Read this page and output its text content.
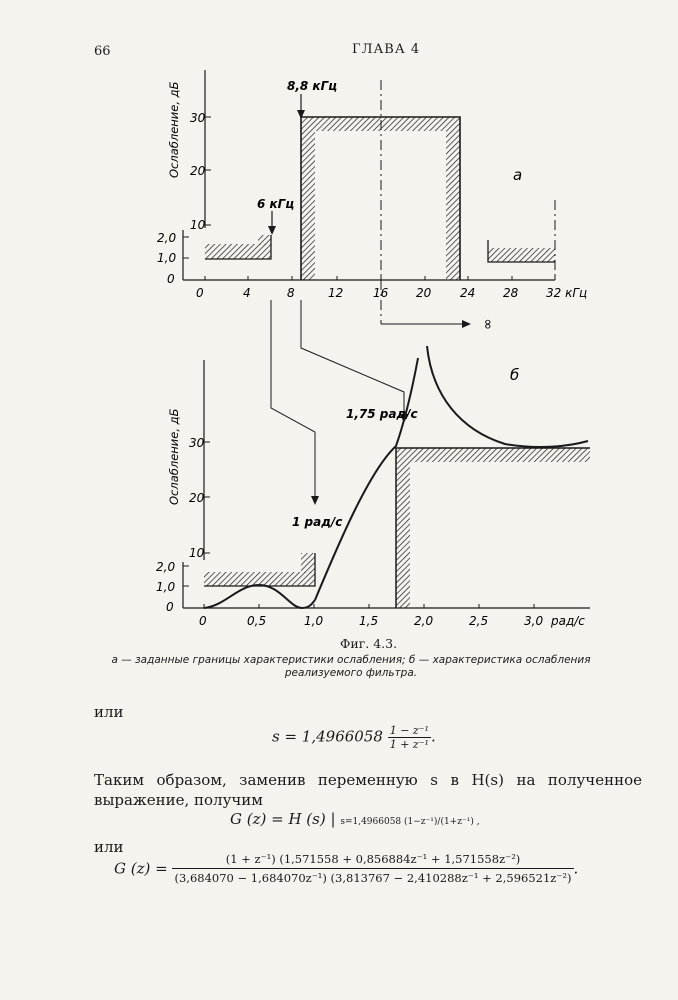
66	ГЛАВА 4
30
20
10
2,0
1,0
0
Ослабление, дБ
0	4	8	12 16 20 24 28 32 кГц
6 кГц
8,8 кГц
∞
а
30
20
10
2,0
1,0
0
Ослабление, дБ
0	0,5	1,0	1,5	2,0	2,5	3,0 рад/с
1 рад/с
1,75 рад/с
б
Фиг. 4.3.
а — заданные границы характеристики ослабления; б — характеристика ослабления реализуемого фильтра.
или
$s = 1,4966058 \frac{\text{1 − z⁻¹}}{\text{1 + z⁻¹}}$ .
Таким образом, заменив переменную s в H(s) на полученное выражение, получим
G (z) = H (s) | s=1,4966058 (1−z⁻¹)/(1+z⁻¹) ,
или
G (z) =
(1 + z⁻¹) (1,571558 + 0,856884z⁻¹ + 1,571558z⁻²)
(3,684070 − 1,684070z⁻¹) (3,813767 − 2,410288z⁻¹ + 2,596521z⁻²)
.
